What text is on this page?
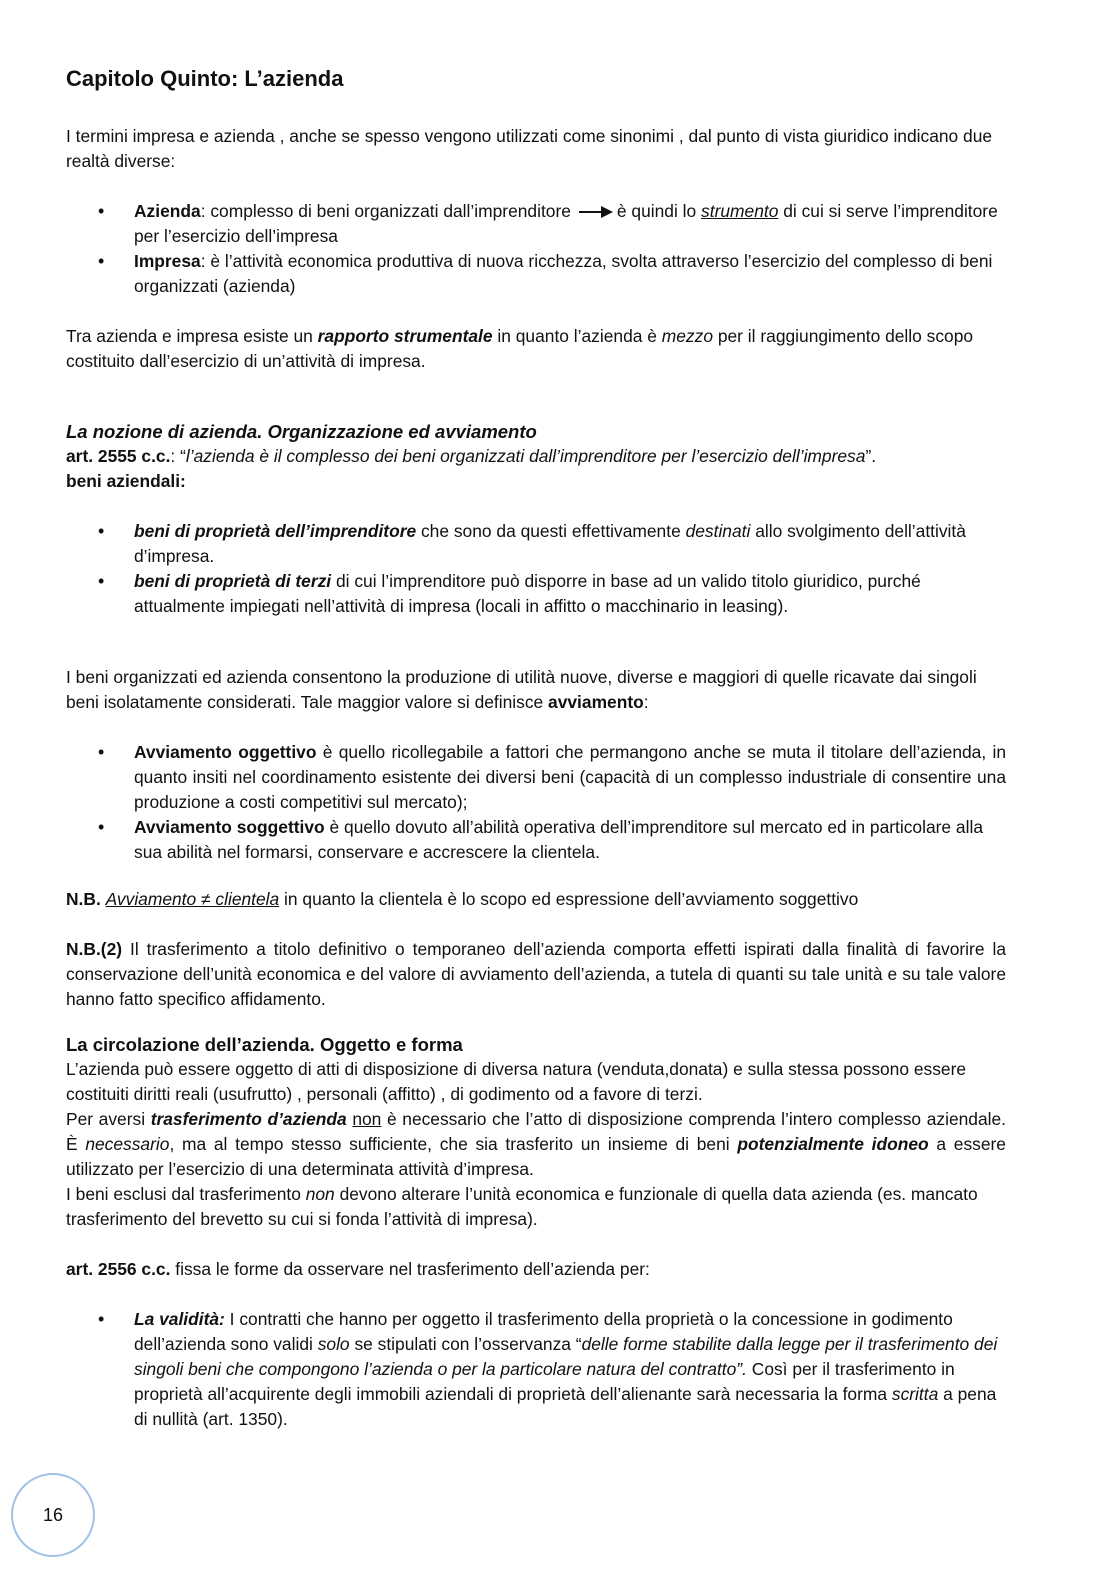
Capitolo Quinto: L’azienda

I termini impresa e azienda , anche se spesso vengono utilizzati come sinonimi , dal punto di vista giuridico indicano due realtà diverse:

• Azienda: complesso di beni organizzati dall’imprenditore	è quindi lo strumento di cui si serve l’imprenditore per l’esercizio dell’impresa
• Impresa: è l’attività economica produttiva di nuova ricchezza, svolta attraverso l’esercizio del complesso di beni organizzati (azienda)

Tra azienda e impresa esiste un rapporto strumentale in quanto l’azienda è mezzo per il raggiungimento dello scopo costituito dall’esercizio di un’attività di impresa.

La nozione di azienda. Organizzazione ed avviamento

art. 2555 c.c.: “l’azienda è il complesso dei beni organizzati dall’imprenditore per l’esercizio dell’impresa”.

beni aziendali:

• beni di proprietà dell’imprenditore che sono da questi effettivamente destinati allo svolgimento dell’attività d’impresa.
• beni di proprietà di terzi di cui l’imprenditore può disporre in base ad un valido titolo giuridico, purché attualmente impiegati nell’attività di impresa (locali in affitto o macchinario in leasing).

I beni organizzati ed azienda consentono la produzione di utilità nuove, diverse e maggiori di quelle ricavate dai singoli beni isolatamente considerati. Tale maggior valore si definisce avviamento:

• Avviamento oggettivo è quello ricollegabile a fattori che permangono anche se muta il titolare dell’azienda, in quanto insiti nel coordinamento esistente dei diversi beni (capacità di un complesso industriale di consentire una produzione a costi competitivi sul mercato);
• Avviamento soggettivo è quello dovuto all’abilità operativa dell’imprenditore sul mercato ed in particolare alla sua abilità nel formarsi, conservare e accrescere la clientela.

N.B. Avviamento ≠ clientela in quanto la clientela è lo scopo ed espressione dell’avviamento soggettivo

N.B.(2) Il trasferimento a titolo definitivo o temporaneo dell’azienda comporta effetti ispirati dalla finalità di favorire la conservazione dell’unità economica e del valore di avviamento dell’azienda, a tutela di quanti su tale unità e su tale valore hanno fatto specifico affidamento.

La circolazione dell’azienda. Oggetto e forma

L’azienda può essere oggetto di atti di disposizione di diversa natura (venduta,donata) e sulla stessa possono essere costituiti diritti reali (usufrutto) , personali (affitto) , di godimento od a favore di terzi.

Per aversi trasferimento d’azienda non è necessario che l’atto di disposizione comprenda l’intero complesso aziendale. È necessario, ma al tempo stesso sufficiente, che sia trasferito un insieme di beni potenzialmente idoneo a essere utilizzato per l’esercizio di una determinata attività d’impresa.

I beni esclusi dal trasferimento non devono alterare l’unità economica e funzionale di quella data azienda (es. mancato trasferimento del brevetto su cui si fonda l’attività di impresa).

art. 2556 c.c. fissa le forme da osservare nel trasferimento dell’azienda per:

• La validità: I contratti che hanno per oggetto il trasferimento della proprietà o la concessione in godimento dell’azienda sono validi solo se stipulati con l’osservanza “delle forme stabilite dalla legge per il trasferimento dei singoli beni che compongono l’azienda o per la particolare natura del contratto”. Così per il trasferimento in proprietà all’acquirente degli immobili aziendali di proprietà dell’alienante sarà necessaria la forma scritta a pena di nullità (art. 1350).
16
